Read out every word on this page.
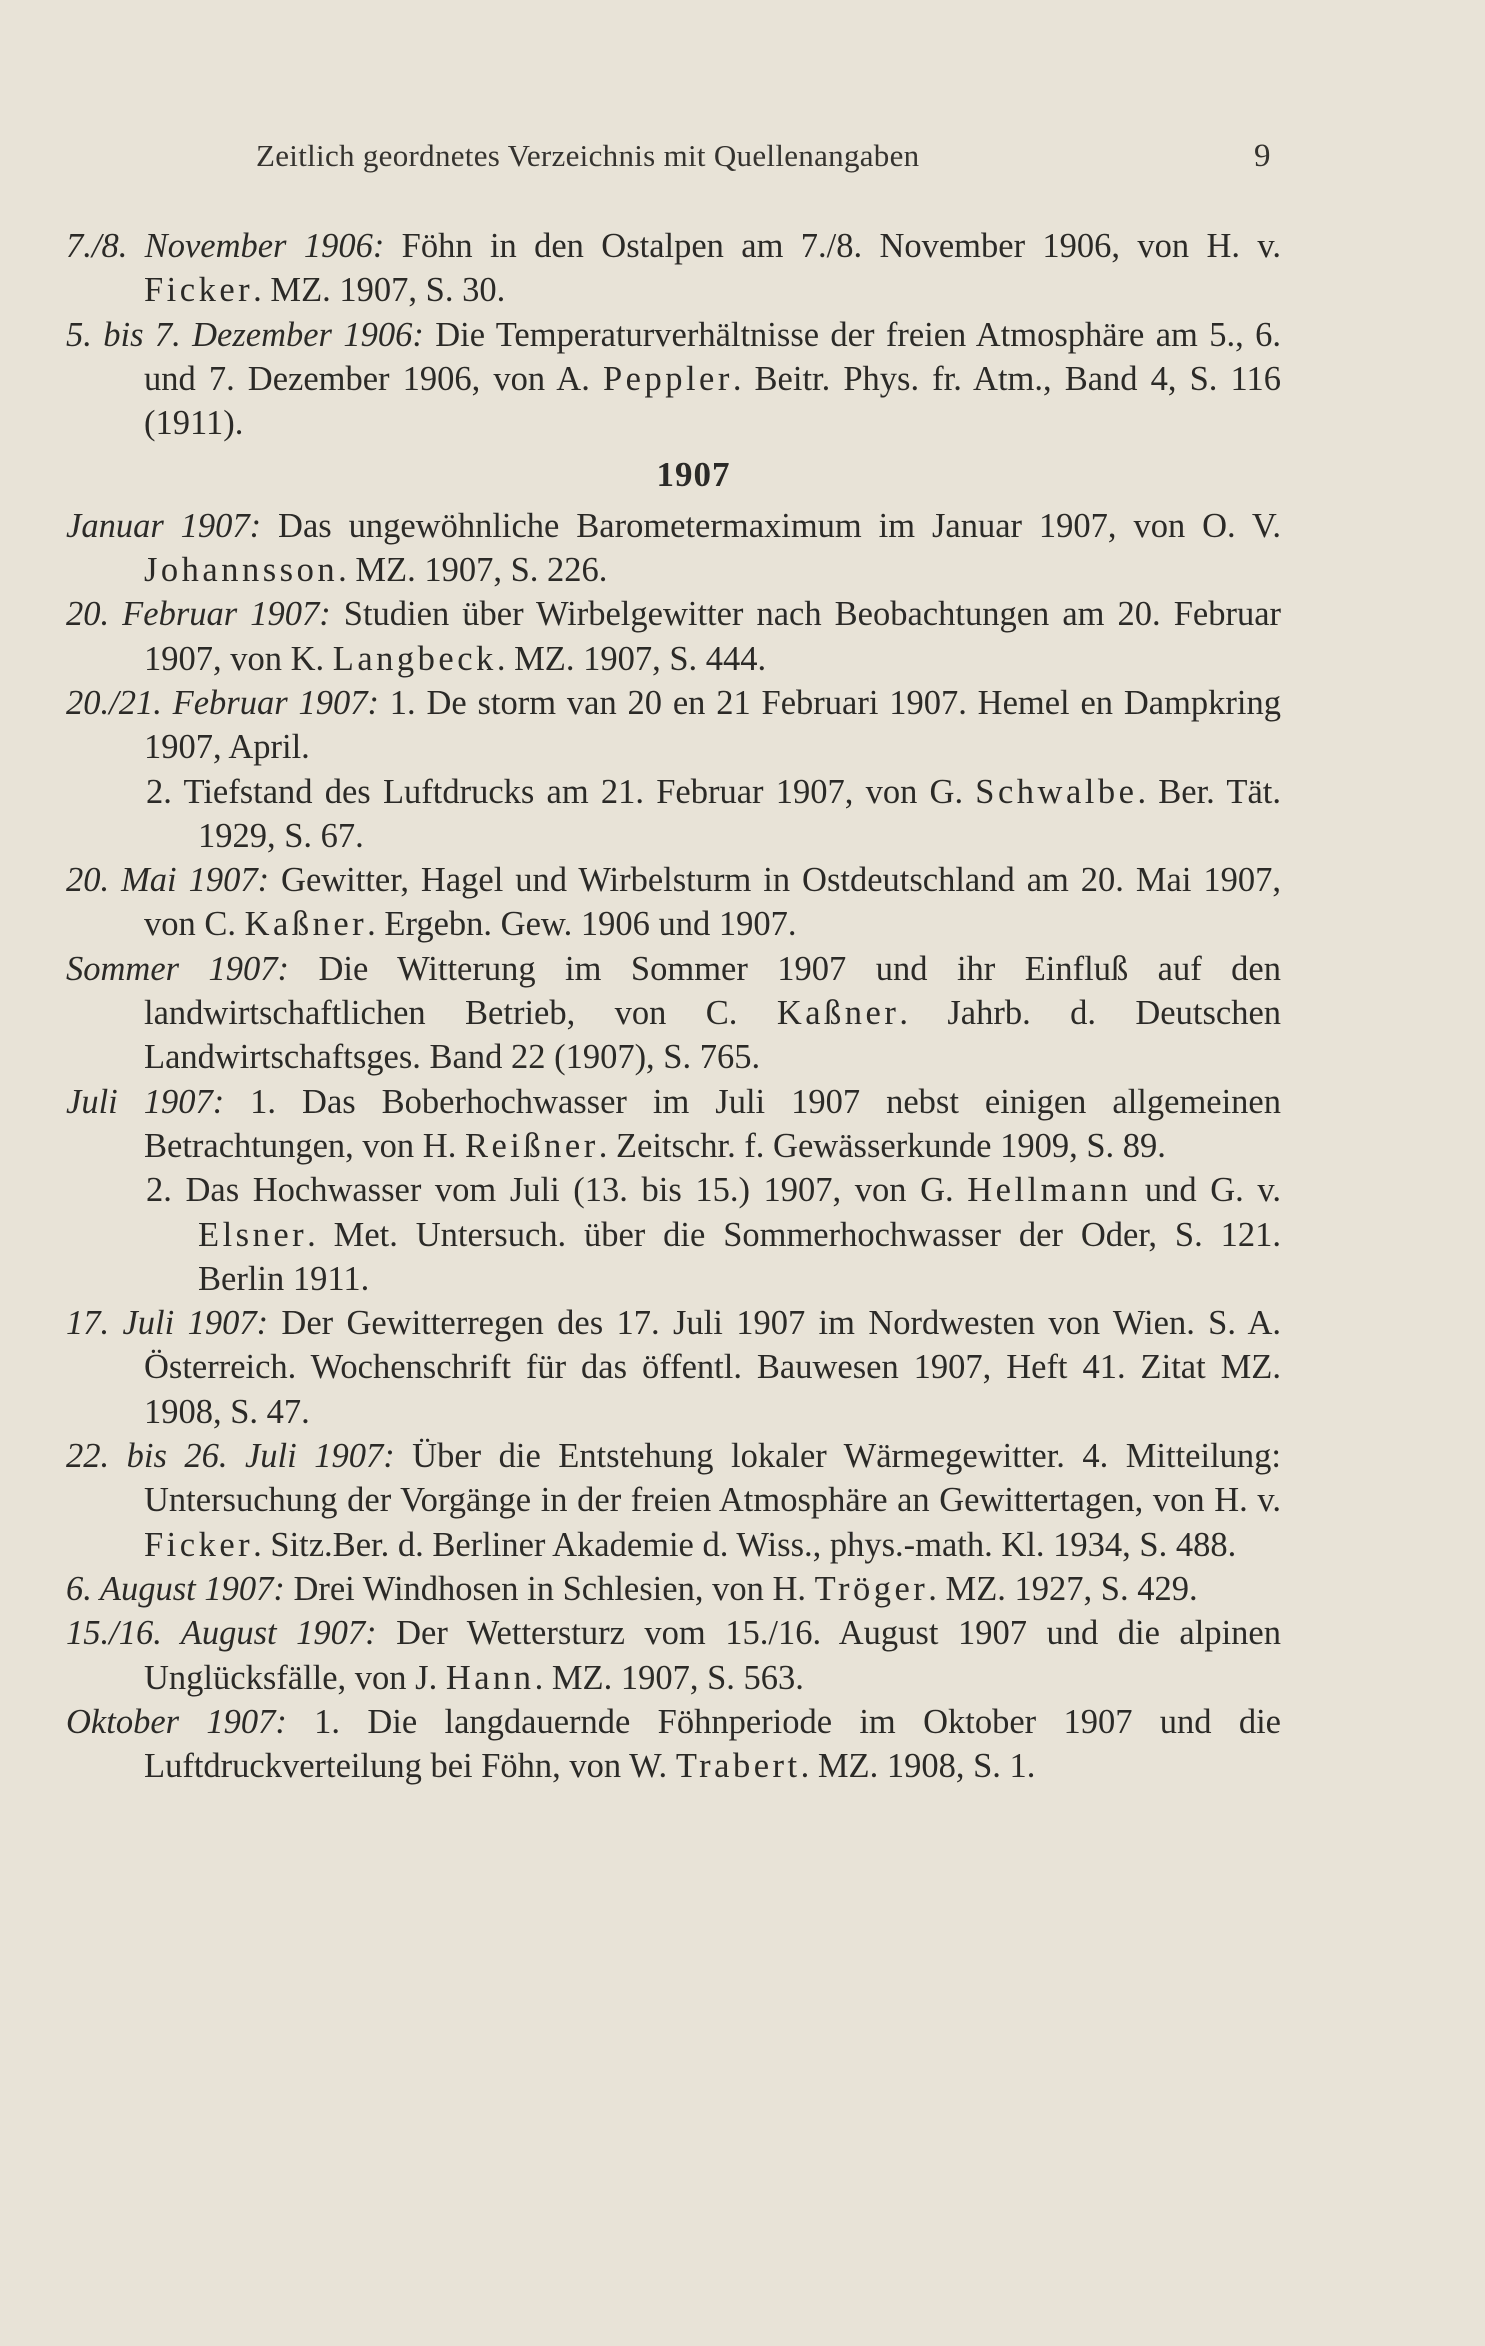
Zeitlich geordnetes Verzeichnis mit Quellenangaben	9

7./8. November 1906: Föhn in den Ostalpen am 7./8. November 1906, von H. v. Ficker. MZ. 1907, S. 30.

5. bis 7. Dezember 1906: Die Temperaturverhältnisse der freien Atmosphäre am 5., 6. und 7. Dezember 1906, von A. Peppler. Beitr. Phys. fr. Atm., Band 4, S. 116 (1911).

1907

Januar 1907: Das ungewöhnliche Barometermaximum im Januar 1907, von O. V. Johannsson. MZ. 1907, S. 226.

20. Februar 1907: Studien über Wirbelgewitter nach Beobachtungen am 20. Februar 1907, von K. Langbeck. MZ. 1907, S. 444.

20./21. Februar 1907: 1. De storm van 20 en 21 Februari 1907. Hemel en Dampkring 1907, April.

2. Tiefstand des Luftdrucks am 21. Februar 1907, von G. Schwalbe. Ber. Tät. 1929, S. 67.

20. Mai 1907: Gewitter, Hagel und Wirbelsturm in Ostdeutschland am 20. Mai 1907, von C. Kaßner. Ergebn. Gew. 1906 und 1907.

Sommer 1907: Die Witterung im Sommer 1907 und ihr Einfluß auf den landwirtschaftlichen Betrieb, von C. Kaßner. Jahrb. d. Deutschen Landwirtschaftsges. Band 22 (1907), S. 765.

Juli 1907: 1. Das Boberhochwasser im Juli 1907 nebst einigen allgemeinen Betrachtungen, von H. Reißner. Zeitschr. f. Gewässerkunde 1909, S. 89.

2. Das Hochwasser vom Juli (13. bis 15.) 1907, von G. Hellmann und G. v. Elsner. Met. Untersuch. über die Sommerhochwasser der Oder, S. 121. Berlin 1911.

17. Juli 1907: Der Gewitterregen des 17. Juli 1907 im Nordwesten von Wien. S. A. Österreich. Wochenschrift für das öffentl. Bauwesen 1907, Heft 41. Zitat MZ. 1908, S. 47.

22. bis 26. Juli 1907: Über die Entstehung lokaler Wärmegewitter. 4. Mitteilung: Untersuchung der Vorgänge in der freien Atmosphäre an Gewittertagen, von H. v. Ficker. Sitz.Ber. d. Berliner Akademie d. Wiss., phys.-math. Kl. 1934, S. 488.

6. August 1907: Drei Windhosen in Schlesien, von H. Tröger. MZ. 1927, S. 429.

15./16. August 1907: Der Wettersturz vom 15./16. August 1907 und die alpinen Unglücksfälle, von J. Hann. MZ. 1907, S. 563.

Oktober 1907: 1. Die langdauernde Föhnperiode im Oktober 1907 und die Luftdruckverteilung bei Föhn, von W. Trabert. MZ. 1908, S. 1.
